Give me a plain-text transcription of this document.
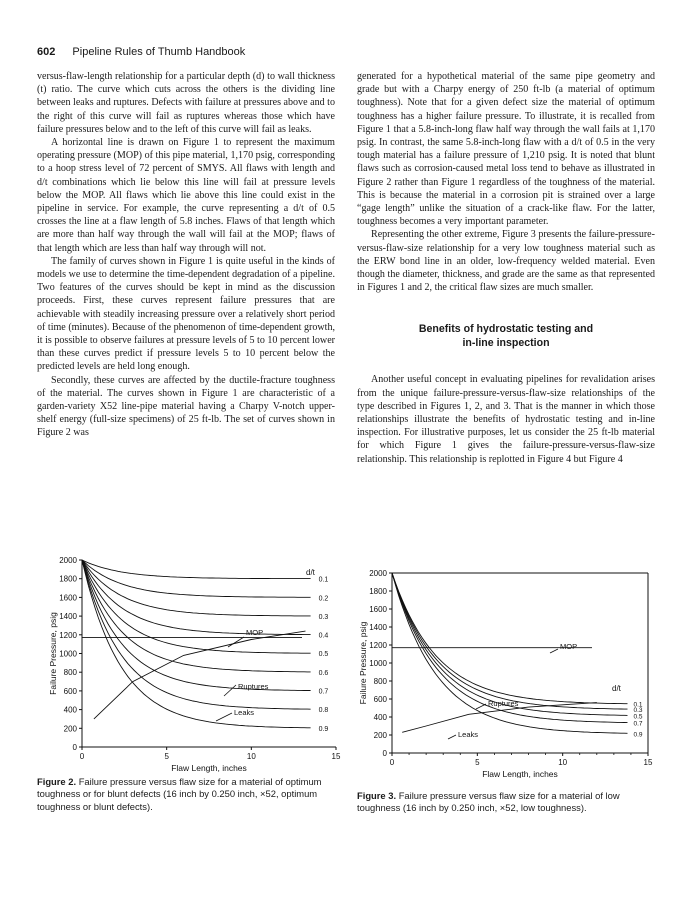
602 Pipeline Rules of Thumb Handbook

versus-flaw-length relationship for a particular depth (d) to wall thickness (t) ratio. The curve which cuts across the others is the dividing line between leaks and ruptures. Defects with failure at pressures above and to the right of this curve will fail as ruptures whereas those which have failure pressures below and to the left of this curve will fail as leaks.

A horizontal line is drawn on Figure 1 to represent the maximum operating pressure (MOP) of this pipe material, 1,170 psig, corresponding to a hoop stress level of 72 percent of SMYS. All flaws with length and d/t combinations which lie below this line will fail at pressure levels below the MOP. All flaws which lie above this line could exist in the pipeline in service. For example, the curve representing a d/t of 0.5 crosses the line at a flaw length of 5.8 inches. Flaws of that length which are more than half way through the wall will fail at the MOP; flaws of that length which are less than half way through will not.

The family of curves shown in Figure 1 is quite useful in the kinds of models we use to determine the time-dependent degradation of a pipeline. Two features of the curves should be kept in mind as the discussion proceeds. First, these curves represent failure pressures that are achievable with steadily increasing pressure over a relatively short period of time (minutes). Because of the phenomenon of time-dependent growth, it is possible to observe failures at pressure levels of 5 to 10 percent lower than these curves predict if pressure levels 5 to 10 percent below the predicted levels are held long enough.

Secondly, these curves are affected by the ductile-fracture toughness of the material. The curves shown in Figure 1 are characteristic of a garden-variety X52 line-pipe material having a Charpy V-notch upper-shelf energy (full-size specimens) of 25 ft-lb. The set of curves shown in Figure 2 was

generated for a hypothetical material of the same pipe geometry and grade but with a Charpy energy of 250 ft-lb (a material of optimum toughness). Note that for a given defect size the material of optimum toughness has a higher failure pressure. To illustrate, it is recalled from Figure 1 that a 5.8-inch-long flaw half way through the wall fails at 1,170 psig. In contrast, the same 5.8-inch-long flaw with a d/t of 0.5 in the very tough material has a failure pressure of 1,210 psig. It is noted that blunt flaws such as corrosion-caused metal loss tend to behave as illustrated in Figure 2 rather than Figure 1 regardless of the toughness of the material. This is because the material in a corrosion pit is strained over a large “gage length” unlike the situation of a crack-like flaw. For the latter, toughness becomes a very important parameter.

Representing the other extreme, Figure 3 presents the failure-pressure-versus-flaw-size relationship for a very low toughness material such as the ERW bond line in an older, low-frequency welded material. Even though the diameter, thickness, and grade are the same as that represented in Figures 1 and 2, the critical flaw sizes are much smaller.

Benefits of hydrostatic testing and
in-line inspection

Another useful concept in evaluating pipelines for revalidation arises from the unique failure-pressure-versus-flaw-size relationships of the type described in Figures 1, 2, and 3. That is the manner in which those relationships illustrate the benefits of hydrostatic testing and in-line inspection. For illustrative purposes, let us consider the 25 ft-lb material for which Figure 1 gives the failure-pressure-versus-flaw-size relationship. This relationship is replotted in Figure 4 but Figure 4

0
200
400
600
800
1000
1200
1400
1600
1800
2000
0	5	10	15
Flaw Length, inches
Failure Pressure, psig
0.1
0.2
0.3
0.4
0.5
0.6
0.7
0.8
0.9
d/t
MOP
Ruptures
Leaks
0
200
400
600
800
1000
1200
1400
1600
1800
2000
0	5	10	15
Flaw Length, inches
Failure Pressure, psig
0.1
0.3
0.5
0.7
0.9
d/t
MOP
Ruptures
Leaks
Figure 2. Failure pressure versus flaw size for a material of optimum toughness or for blunt defects (16 inch by 0.250 inch, ×52, optimum toughness or blunt defects).
Figure 3. Failure pressure versus flaw size for a material of low toughness (16 inch by 0.250 inch, ×52, low toughness).
